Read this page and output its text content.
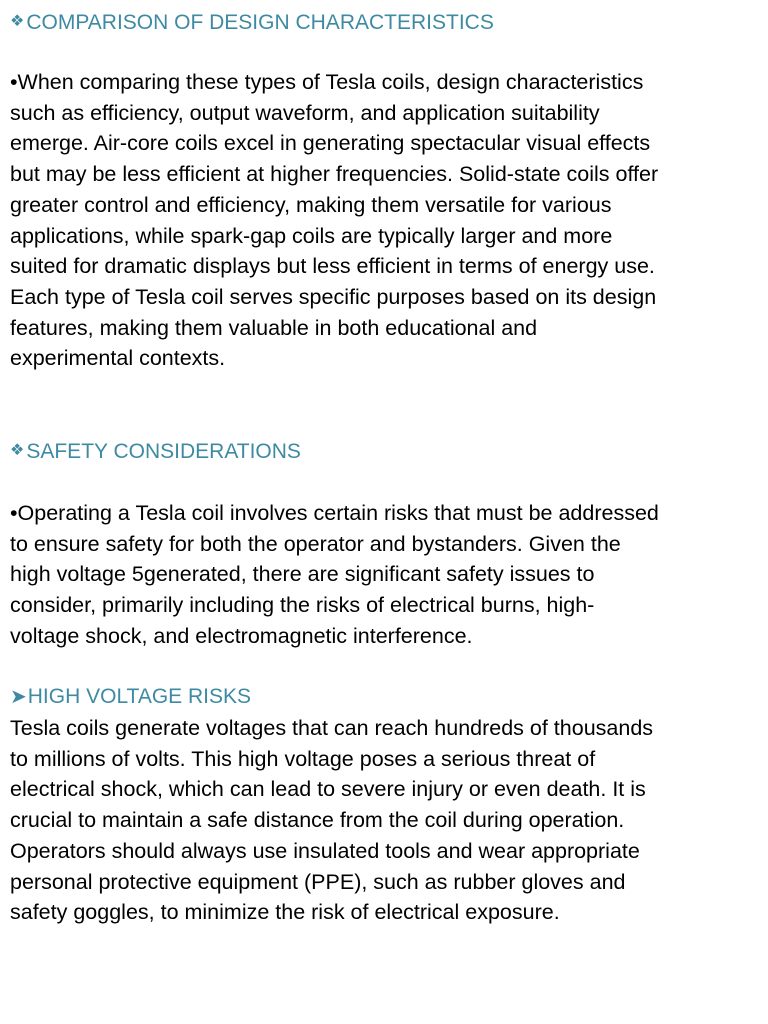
❖COMPARISON OF DESIGN CHARACTERISTICS

•When comparing these types of Tesla coils, design characteristics
such as efficiency, output waveform, and application suitability
emerge. Air-core coils excel in generating spectacular visual effects
but may be less efficient at higher frequencies. Solid-state coils offer
greater control and efficiency, making them versatile for various
applications, while spark-gap coils are typically larger and more
suited for dramatic displays but less efficient in terms of energy use.
Each type of Tesla coil serves specific purposes based on its design
features, making them valuable in both educational and
experimental contexts.

❖SAFETY CONSIDERATIONS

•Operating a Tesla coil involves certain risks that must be addressed
to ensure safety for both the operator and bystanders. Given the
high voltage 5generated, there are significant safety issues to
consider, primarily including the risks of electrical burns, high-
voltage shock, and electromagnetic interference.

➤HIGH VOLTAGE RISKS

Tesla coils generate voltages that can reach hundreds of thousands
to millions of volts. This high voltage poses a serious threat of
electrical shock, which can lead to severe injury or even death. It is
crucial to maintain a safe distance from the coil during operation.
Operators should always use insulated tools and wear appropriate
personal protective equipment (PPE), such as rubber gloves and
safety goggles, to minimize the risk of electrical exposure.
